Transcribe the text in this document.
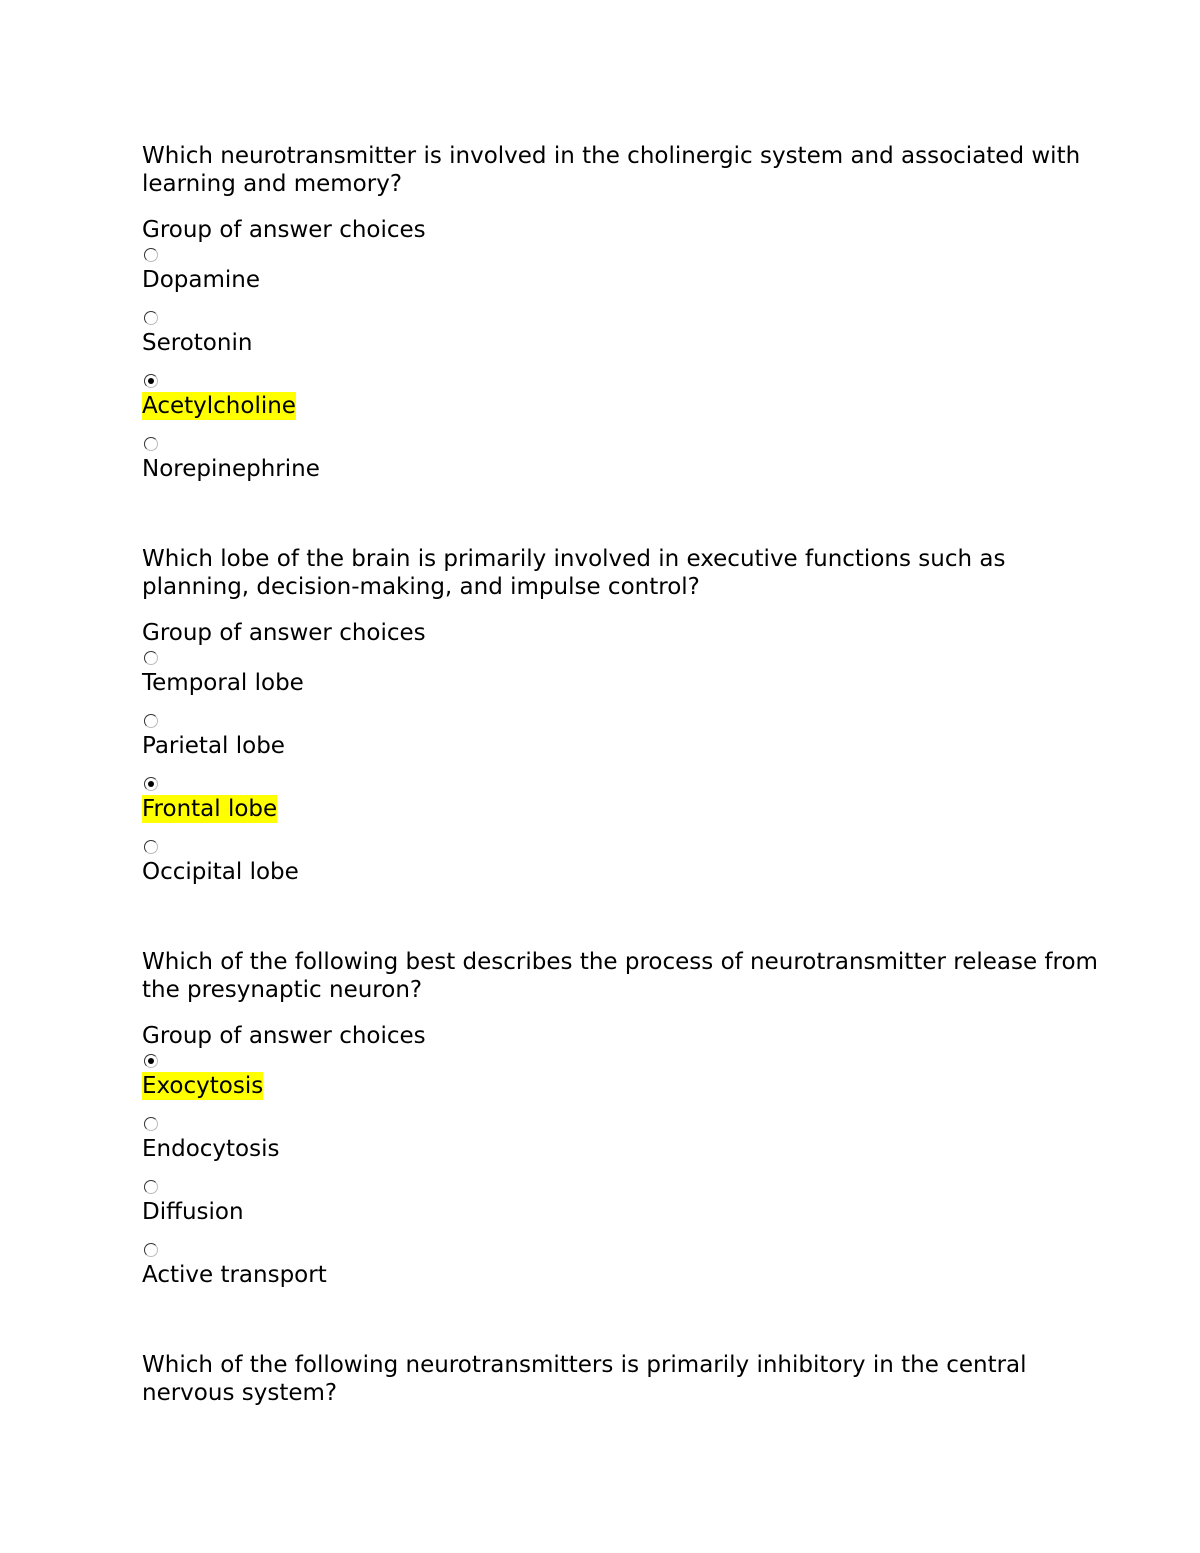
Which neurotransmitter is involved in the cholinergic system and associated with learning and memory?

Group of answer choices
Dopamine
Serotonin
Acetylcholine
Norepinephrine

Which lobe of the brain is primarily involved in executive functions such as planning, decision-making, and impulse control?

Group of answer choices
Temporal lobe
Parietal lobe
Frontal lobe
Occipital lobe

Which of the following best describes the process of neurotransmitter release from the presynaptic neuron?

Group of answer choices
Exocytosis
Endocytosis
Diffusion
Active transport

Which of the following neurotransmitters is primarily inhibitory in the central nervous system?
